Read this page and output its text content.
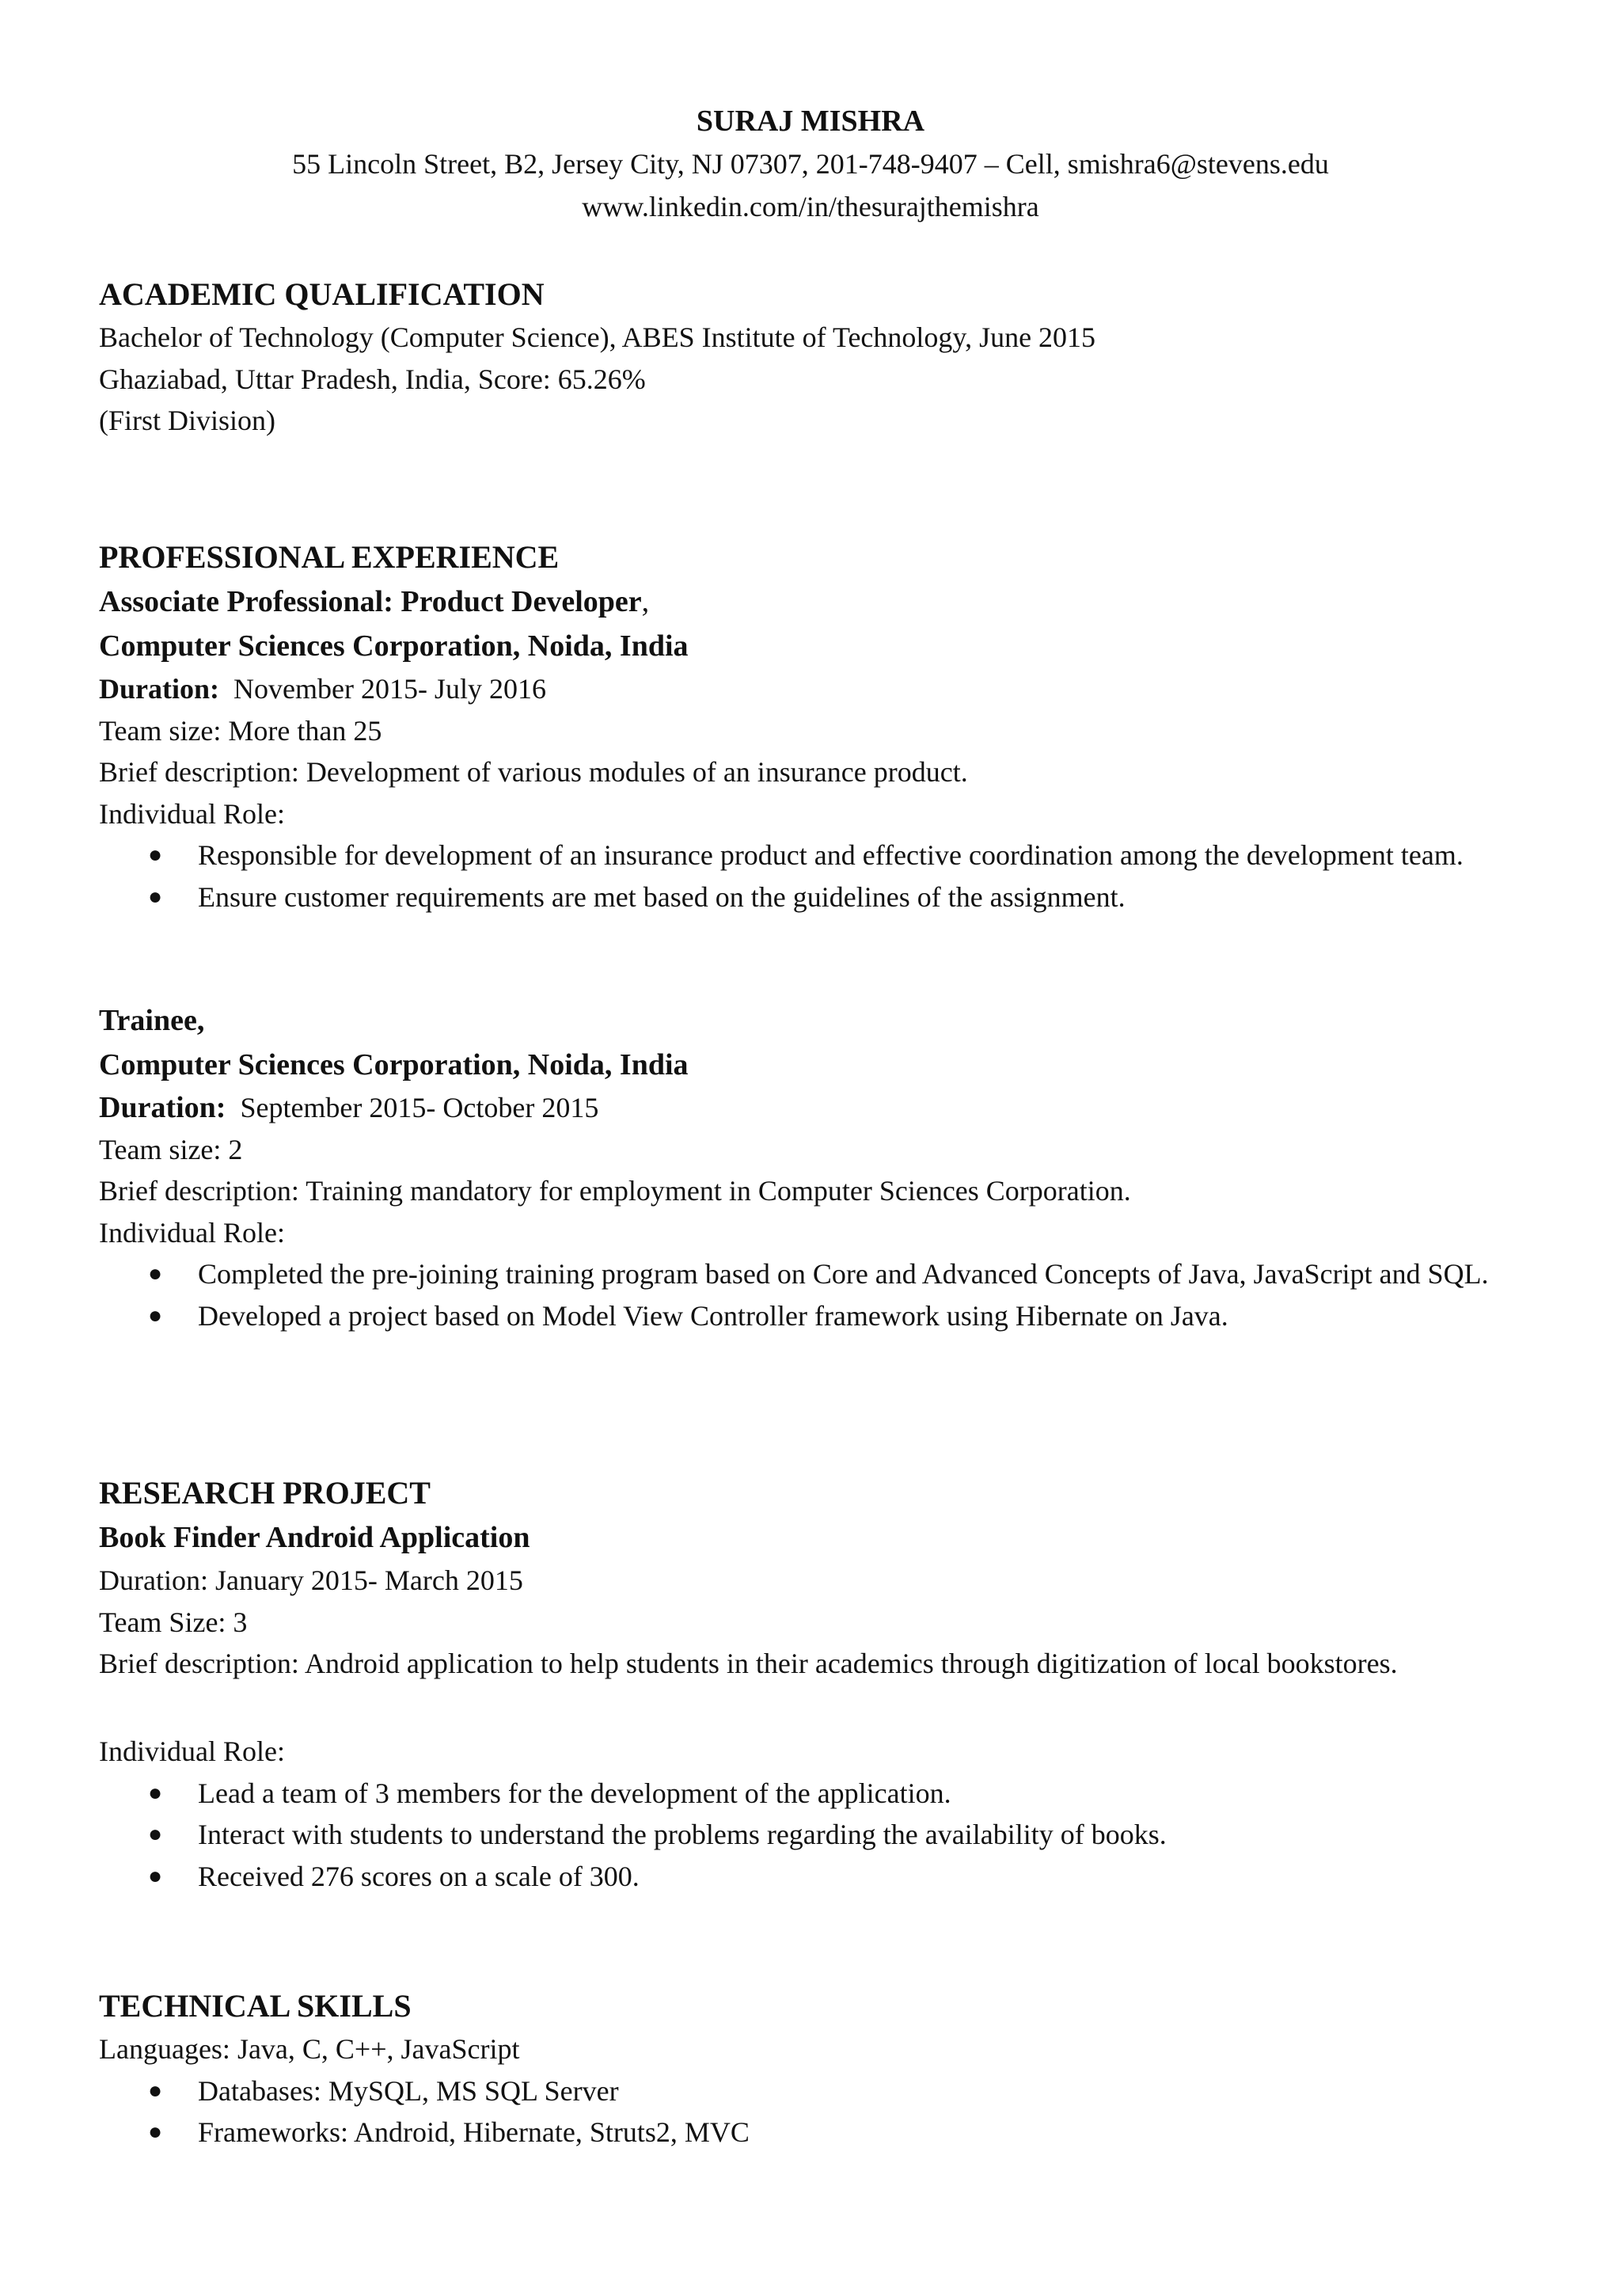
SURAJ MISHRA
55 Lincoln Street, B2, Jersey City, NJ 07307, 201-748-9407 – Cell, smishra6@stevens.edu
www.linkedin.com/in/thesurajthemishra
ACADEMIC QUALIFICATION
Bachelor of Technology (Computer Science), ABES Institute of Technology, June 2015
Ghaziabad, Uttar Pradesh, India, Score: 65.26%
(First Division)
PROFESSIONAL EXPERIENCE
Associate Professional: Product Developer,
Computer Sciences Corporation, Noida, India
Duration:  November 2015- July 2016
Team size: More than 25
Brief description: Development of various modules of an insurance product.
Individual Role:
● Responsible for development of an insurance product and effective coordination among the development team.
● Ensure customer requirements are met based on the guidelines of the assignment.
Trainee,
Computer Sciences Corporation, Noida, India
Duration:  September 2015- October 2015
Team size: 2
Brief description: Training mandatory for employment in Computer Sciences Corporation.
Individual Role:
● Completed the pre-joining training program based on Core and Advanced Concepts of Java, JavaScript and SQL.
● Developed a project based on Model View Controller framework using Hibernate on Java.
RESEARCH PROJECT
Book Finder Android Application
Duration: January 2015- March 2015
Team Size: 3
Brief description: Android application to help students in their academics through digitization of local bookstores.
Individual Role:
● Lead a team of 3 members for the development of the application.
● Interact with students to understand the problems regarding the availability of books.
● Received 276 scores on a scale of 300.
TECHNICAL SKILLS
Languages: Java, C, C++, JavaScript
● Databases: MySQL, MS SQL Server
● Frameworks: Android, Hibernate, Struts2, MVC
